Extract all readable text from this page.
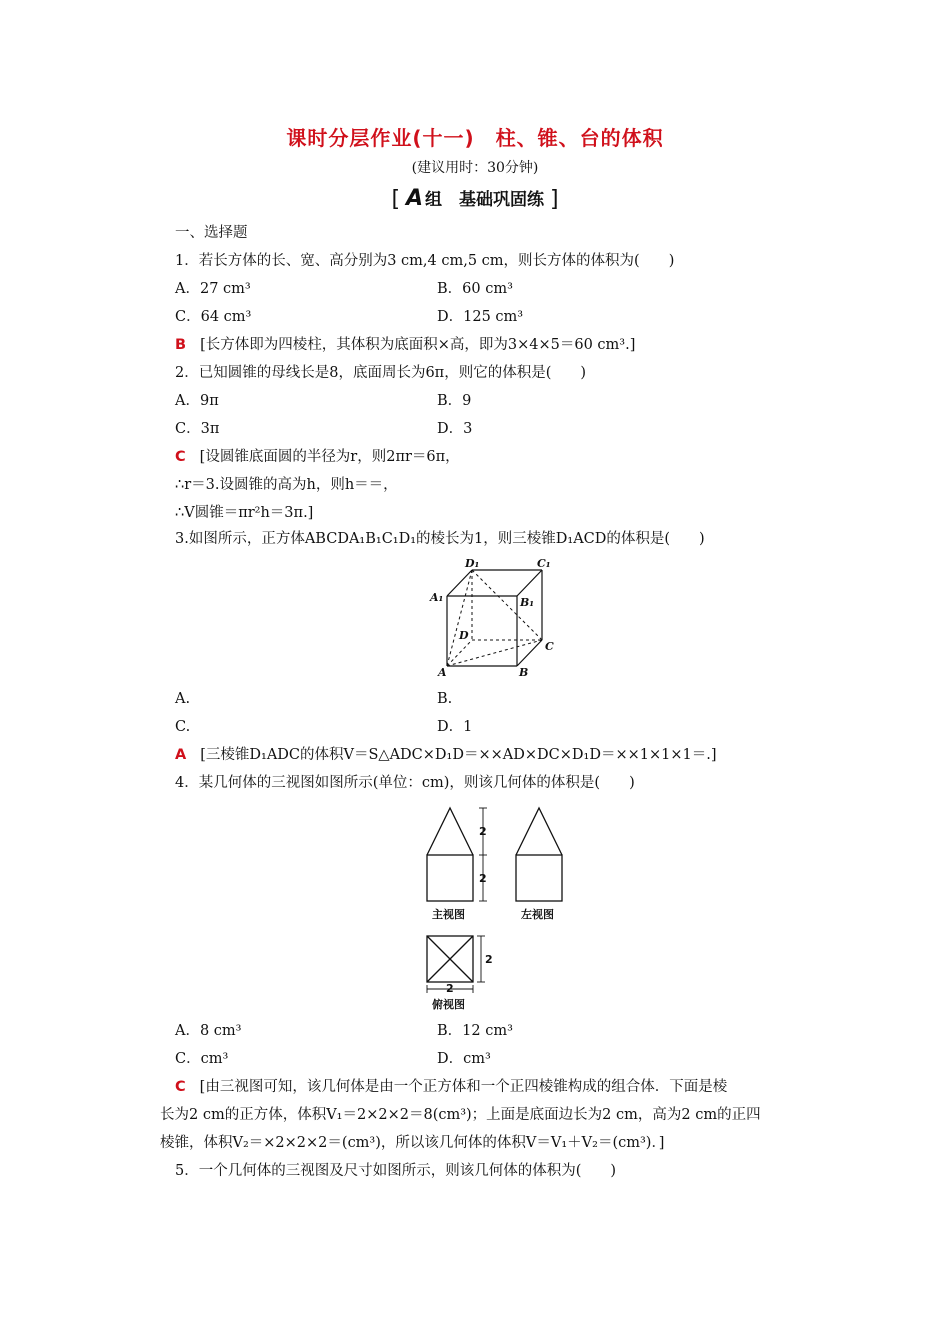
课时分层作业(十一)　柱、锥、台的体积
(建议用时：30分钟)
[ A 组　基础巩固练 ]
一、选择题
1．若长方体的长、宽、高分别为3 cm,4 cm,5 cm，则长方体的体积为(　　)
A．27 cm³	B．60 cm³
C．64 cm³	D．125 cm³
B [长方体即为四棱柱，其体积为底面积×高，即为3×4×5＝60 cm³.]
2．已知圆锥的母线长是8，底面周长为6π，则它的体积是(　　)
A．9π	B．9
C．3π	D．3
C [设圆锥底面圆的半径为r，则2πr＝6π，
∴r＝3.设圆锥的高为h，则h＝＝，
∴V圆锥＝πr²h＝3π.]
3.如图所示，正方体ABCDA₁B₁C₁D₁的棱长为1，则三棱锥D₁ACD的体积是(　　)
D₁	C₁
A₁	B₁
D
C
A	B
A.	B.
C.	D．1
A [三棱锥D₁ADC的体积V＝S△ADC×D₁D＝××AD×DC×D₁D＝××1×1×1＝.]
4．某几何体的三视图如图所示(单位：cm)，则该几何体的体积是(　　)
2
2
2
2
主视图	左视图
俯视图
A．8 cm³	B．12 cm³
C．cm³	D．cm³
C [由三视图可知，该几何体是由一个正方体和一个正四棱锥构成的组合体．下面是棱
长为2 cm的正方体，体积V₁＝2×2×2＝8(cm³)；上面是底面边长为2 cm，高为2 cm的正四
棱锥，体积V₂＝×2×2×2＝(cm³)，所以该几何体的体积V＝V₁＋V₂＝(cm³)．]
5．一个几何体的三视图及尺寸如图所示，则该几何体的体积为(　　)
